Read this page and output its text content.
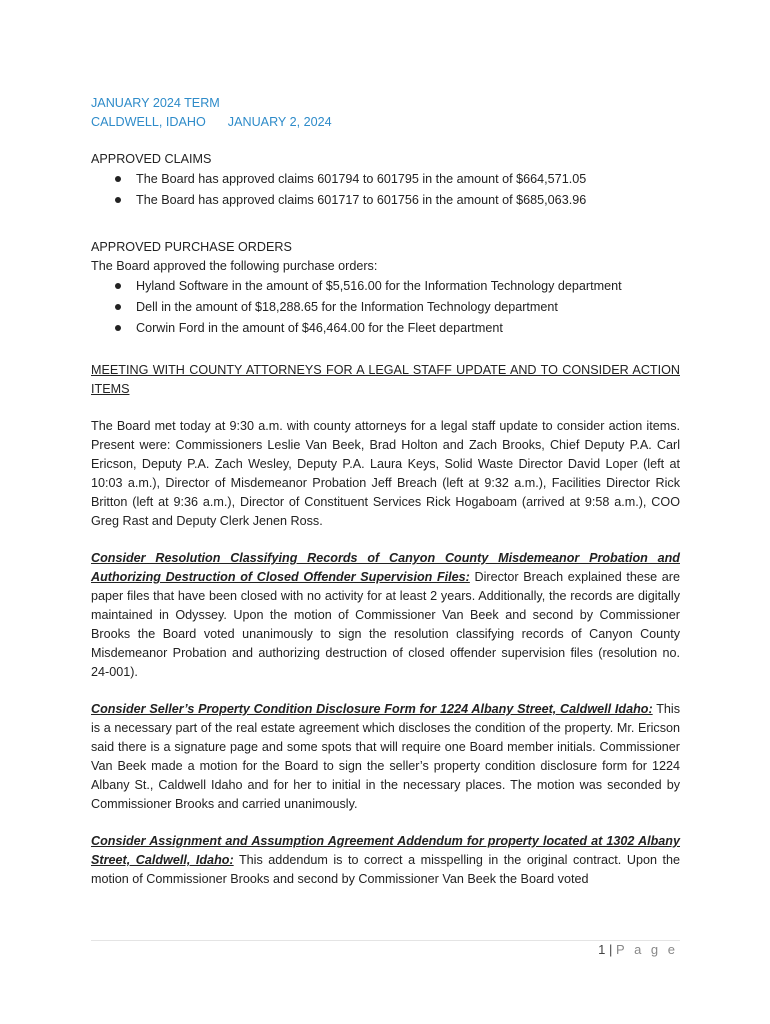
JANUARY 2024 TERM
CALDWELL, IDAHO JANUARY 2, 2024
APPROVED CLAIMS
The Board has approved claims 601794 to 601795 in the amount of $664,571.05
The Board has approved claims 601717 to 601756 in the amount of $685,063.96
APPROVED PURCHASE ORDERS
The Board approved the following purchase orders:
Hyland Software in the amount of $5,516.00 for the Information Technology department
Dell in the amount of $18,288.65 for the Information Technology department
Corwin Ford in the amount of $46,464.00 for the Fleet department
MEETING WITH COUNTY ATTORNEYS FOR A LEGAL STAFF UPDATE AND TO CONSIDER ACTION ITEMS
The Board met today at 9:30 a.m. with county attorneys for a legal staff update to consider action items. Present were: Commissioners Leslie Van Beek, Brad Holton and Zach Brooks, Chief Deputy P.A. Carl Ericson, Deputy P.A. Zach Wesley, Deputy P.A. Laura Keys, Solid Waste Director David Loper (left at 10:03 a.m.), Director of Misdemeanor Probation Jeff Breach (left at 9:32 a.m.), Facilities Director Rick Britton (left at 9:36 a.m.), Director of Constituent Services Rick Hogaboam (arrived at 9:58 a.m.), COO Greg Rast and Deputy Clerk Jenen Ross.
Consider Resolution Classifying Records of Canyon County Misdemeanor Probation and Authorizing Destruction of Closed Offender Supervision Files: Director Breach explained these are paper files that have been closed with no activity for at least 2 years. Additionally, the records are digitally maintained in Odyssey. Upon the motion of Commissioner Van Beek and second by Commissioner Brooks the Board voted unanimously to sign the resolution classifying records of Canyon County Misdemeanor Probation and authorizing destruction of closed offender supervision files (resolution no. 24-001).
Consider Seller’s Property Condition Disclosure Form for 1224 Albany Street, Caldwell Idaho: This is a necessary part of the real estate agreement which discloses the condition of the property. Mr. Ericson said there is a signature page and some spots that will require one Board member initials. Commissioner Van Beek made a motion for the Board to sign the seller’s property condition disclosure form for 1224 Albany St., Caldwell Idaho and for her to initial in the necessary places. The motion was seconded by Commissioner Brooks and carried unanimously.
Consider Assignment and Assumption Agreement Addendum for property located at 1302 Albany Street, Caldwell, Idaho: This addendum is to correct a misspelling in the original contract. Upon the motion of Commissioner Brooks and second by Commissioner Van Beek the Board voted
1 | P a g e
